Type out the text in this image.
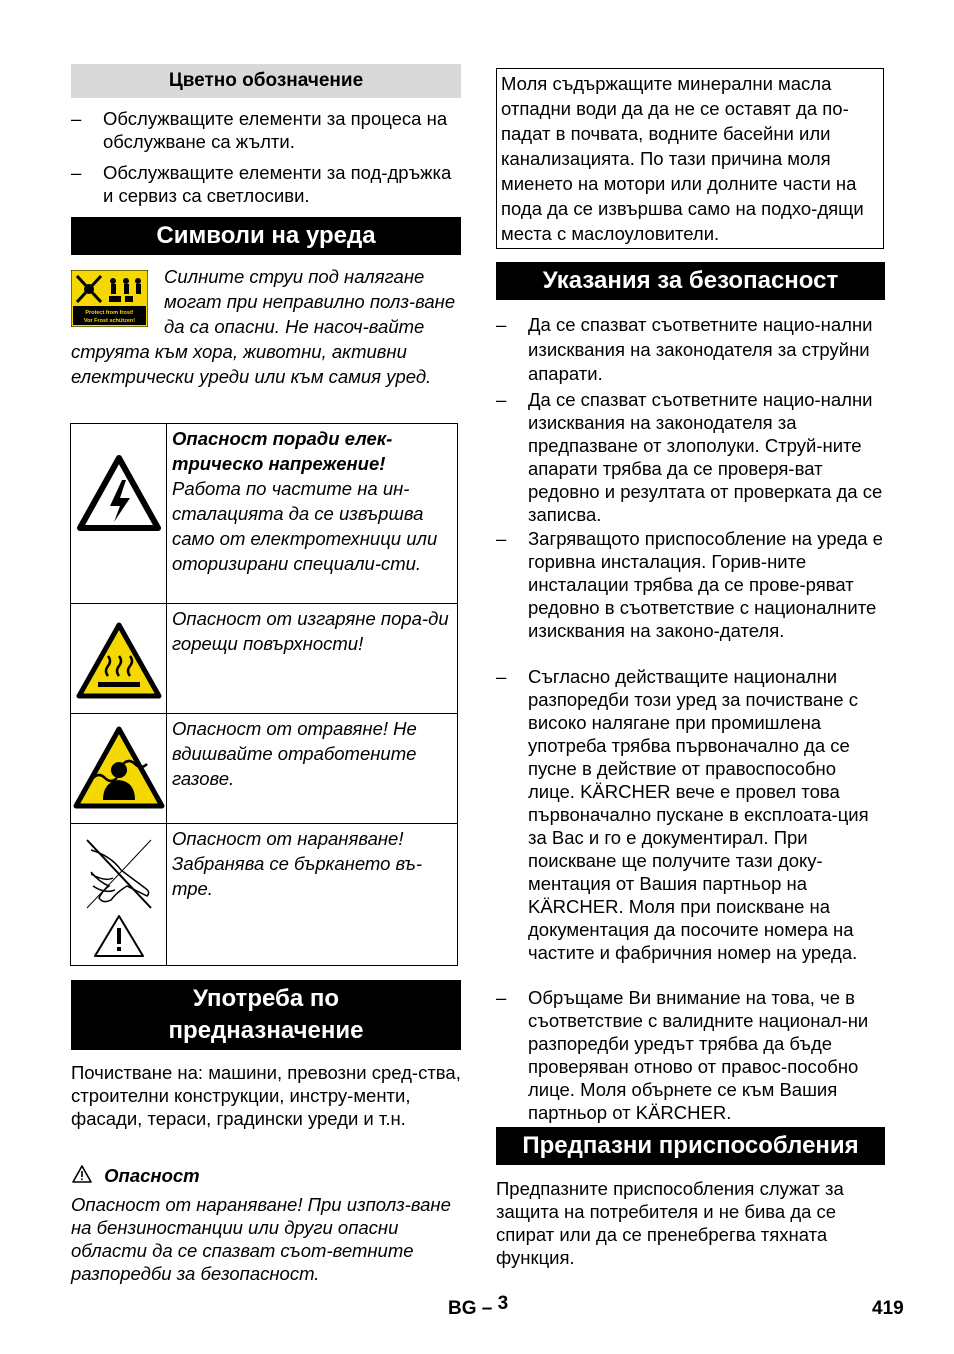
Цветно обозначение
– Обслужващите елементи за процеса на обслужване са жълти.
– Обслужващите елементи за под-дръжка и сервиз са светлосиви.
Символи на уреда
Protect from frost!
Vor Frost schützen!
Силните струи под налягане могат при неправилно полз-ване да са опасни. Не насоч-вайте струята към хора, животни, активни електрически уреди или към самия уред.
	Опасност поради елек-трическо напрежение! Работа по частите на ин-сталацията да се извършва само от електротехници или оторизирани специали-сти.
	Опасност от изгаряне пора-ди горещи повърхности!
	Опасност от отравяне! Не вдишвайте отработените газове.
	Опасност от нараняване! Забранява се бъркането въ-тре.
Употреба по
предназначение
Почистване на: машини, превозни сред-ства, строителни конструкции, инстру-менти, фасади, тераси, градински уреди и т.н.
Опасност
Опасност от нараняване! При използ-ване на бензиностанции или други опасни области да се спазват съот-ветните разпоредби за безопасност.
Моля съдържащите минерални масла отпадни води да да не се оставят да по-падат в почвата, водните басейни или канализацията. По тази причина моля миенето на мотори или долните части на пода да се извършва само на подхо-дящи места с маслоуловители.
Указания за безопасност
– Да се спазват съответните нацио-нални изисквания на законодателя за струйни апарати.
– Да се спазват съответните нацио-нални изисквания на законодателя за предпазване от злополуки. Струй-ните апарати трябва да се проверя-ват редовно и резултата от проверката да се записва.
– Загряващото приспособление на уреда е горивна инсталация. Горив-ните инсталации трябва да се прове-ряват редовно в съответствие с националните изисквания на законо-дателя.
– Съгласно действащите национални разпоредби този уред за почистване с високо налягане при промишлена употреба трябва първоначално да се пусне в действие от правоспособно лице. KÄRCHER вече е провел това първоначално пускане в експлоата-ция за Вас и го е документирал. При поискване ще получите тази доку-ментация от Вашия партньор на KÄRCHER. Моля при поискване на документация да посочите номера на частите и фабричния номер на уреда.
– Обръщаме Ви внимание на това, че в съответствие с валидните национал-ни разпоредби уредът трябва да бъде проверяван отново от правос-пособно лице. Моля обърнете се към Вашия партньор от KÄRCHER.
Предпазни приспособления
Предпазните приспособления служат за защита на потребителя и не бива да се спират или да се пренебрегва тяхната функция.
BG – 3	419
